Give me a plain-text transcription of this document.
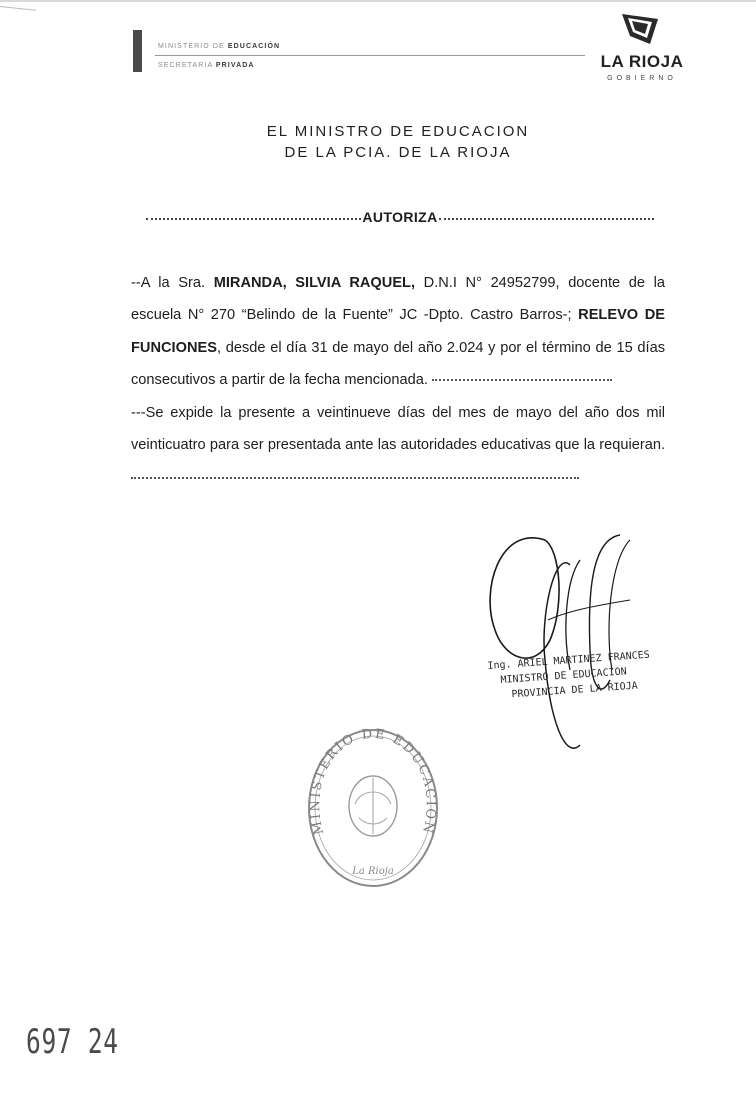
MINISTERIO DE EDUCACIÓN
SECRETARIA PRIVADA	LA RIOJA
GOBIERNO
EL MINISTRO DE EDUCACION
DE LA PCIA. DE LA RIOJA
AUTORIZA

--A la Sra. MIRANDA, SILVIA RAQUEL, D.N.I N° 24952799, docente de la escuela N° 270 “Belindo de la Fuente” JC -Dpto. Castro Barros-; RELEVO DE FUNCIONES, desde el día 31 de mayo del año 2.024 y por el término de 15 días consecutivos a partir de la fecha mencionada.

---Se expide la presente a veintinueve días del mes de mayo del año dos mil veinticuatro para ser presentada ante las autoridades educativas que la requieran.

Ing. ARIEL MARTINEZ FRANCES
MINISTRO DE EDUCACION
PROVINCIA DE LA RIOJA
MINISTERIO DE EDUCACION
La Rioja
697 24
